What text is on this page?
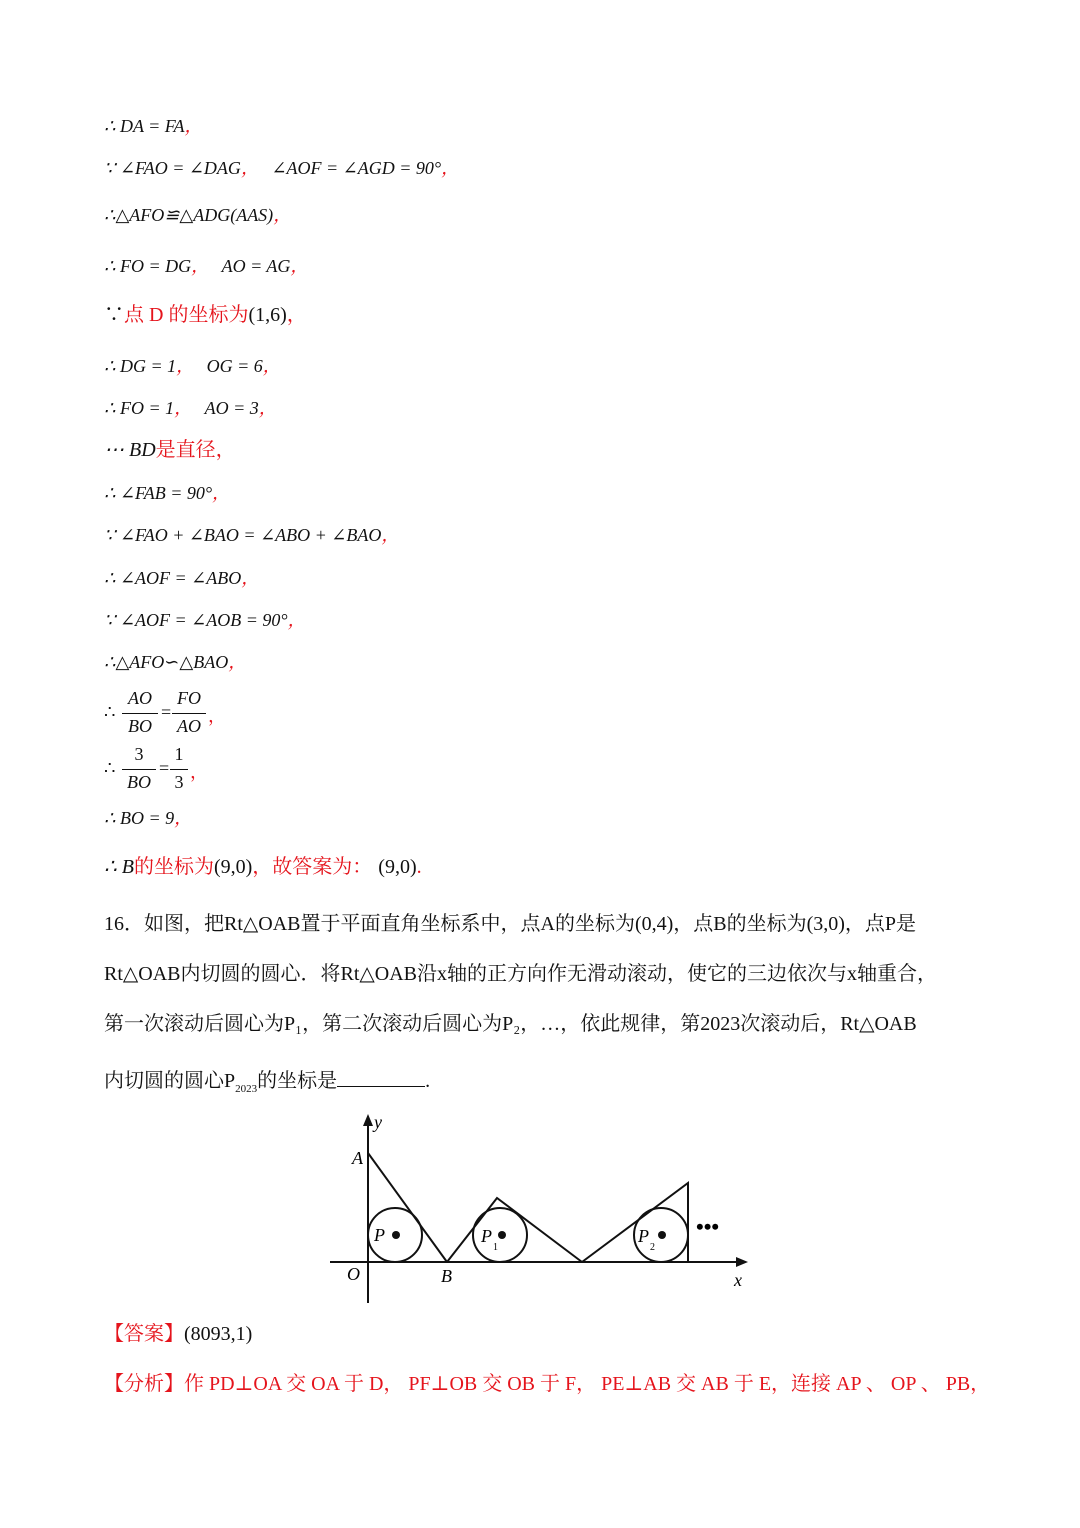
∴ DA = FA，
∵ ∠FAO = ∠DAG， ∠AOF = ∠AGD = 90°，
∴△AFO≌△ADG(AAS)，
∴ FO = DG， AO = AG，
∵点 D 的坐标为(1,6)，
∴ DG = 1， OG = 6，
∴ FO = 1， AO = 3，
⋯ BD是直径，
∴ ∠FAB = 90°，
∵ ∠FAO + ∠BAO = ∠ABO + ∠BAO，
∴ ∠AOF = ∠ABO，
∵ ∠AOF = ∠AOB = 90°，
∴△AFO∽△BAO，
∴
AO
BO
=
FO
AO ，
∴
3
BO
=
1
3 ，
∴ BO = 9，
∴ B的坐标为(9,0)，故答案为： (9,0).
16．如图，把Rt△OAB置于平面直角坐标系中，点A的坐标为(0,4)，点B的坐标为(3,0)，点P是
Rt△OAB内切圆的圆心．将Rt△OAB沿x轴的正方向作无滑动滚动，使它的三边依次与x轴重合，
第一次滚动后圆心为P₁，第二次滚动后圆心为P₂，…，依此规律，第2023次滚动后，Rt△OAB
内切圆的圆心$P_{2023}$的坐标是	.
y
x
A
O	B
P	P
1
P
2
•••
【答案】(8093,1)
【分析】作 PD⊥OA 交 OA 于 D， PF⊥OB 交 OB 于 F， PE⊥AB 交 AB 于 E，连接 AP 、 OP 、 PB，
